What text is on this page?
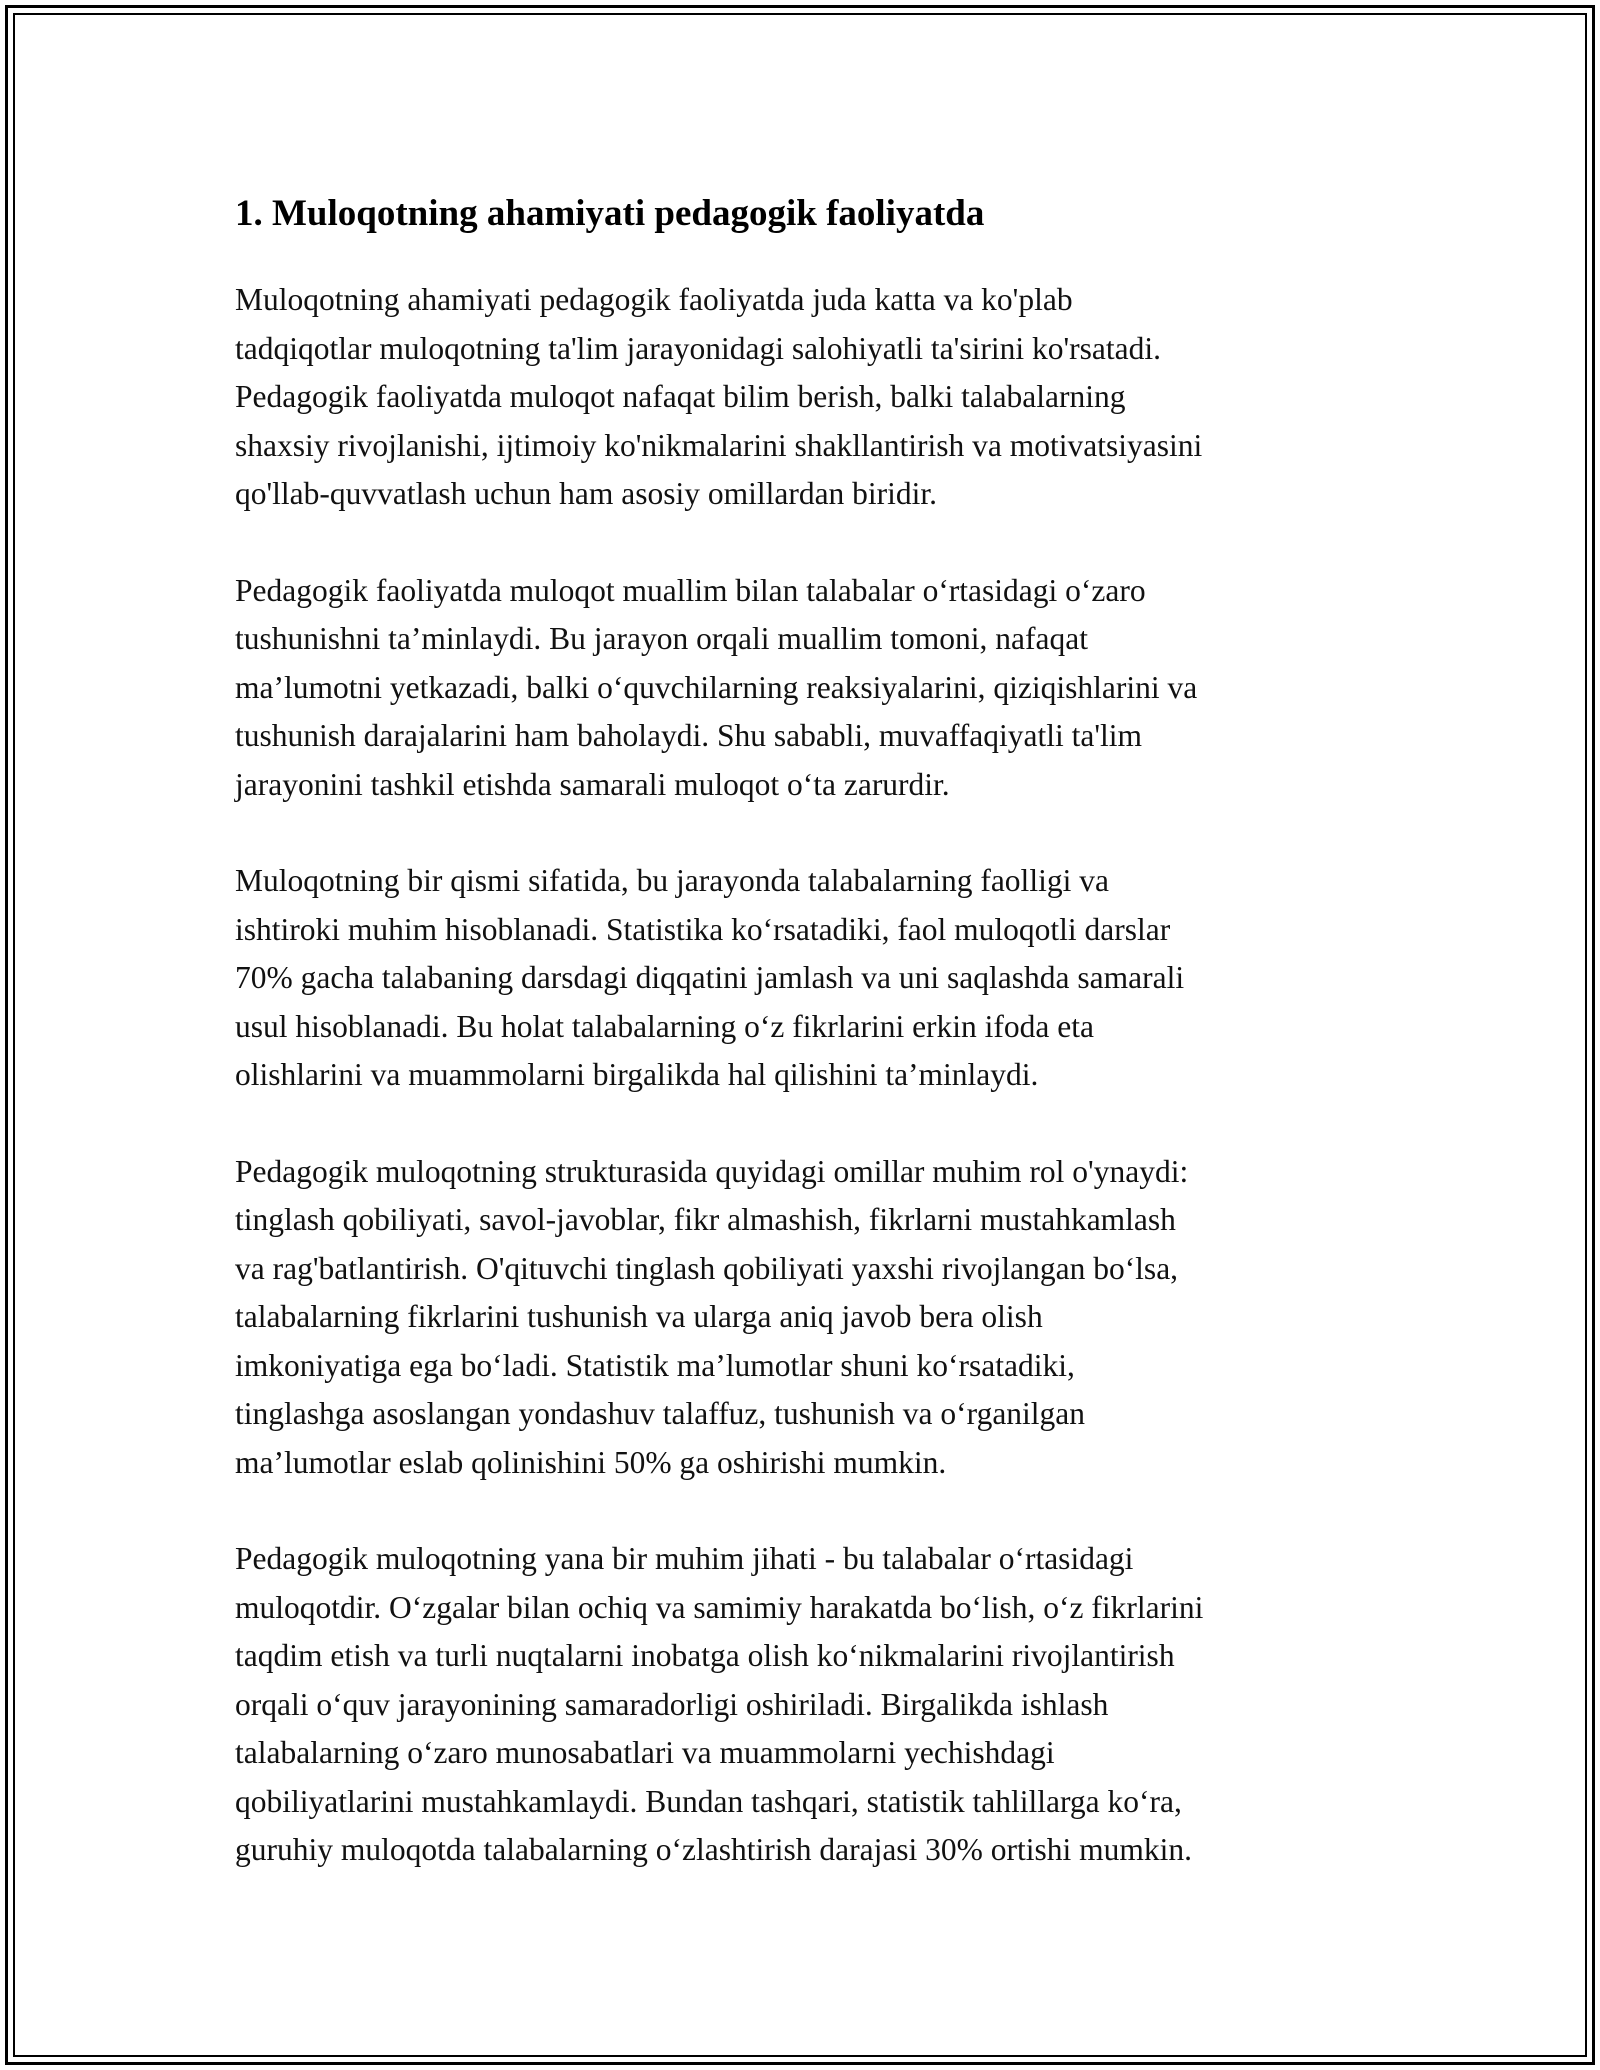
1. Muloqotning ahamiyati pedagogik faoliyatda

Muloqotning ahamiyati pedagogik faoliyatda juda katta va ko'plab
tadqiqotlar muloqotning ta'lim jarayonidagi salohiyatli ta'sirini ko'rsatadi.
Pedagogik faoliyatda muloqot nafaqat bilim berish, balki talabalarning
shaxsiy rivojlanishi, ijtimoiy ko'nikmalarini shakllantirish va motivatsiyasini
qo'llab-quvvatlash uchun ham asosiy omillardan biridir.

Pedagogik faoliyatda muloqot muallim bilan talabalar o‘rtasidagi o‘zaro
tushunishni ta’minlaydi. Bu jarayon orqali muallim tomoni, nafaqat
ma’lumotni yetkazadi, balki o‘quvchilarning reaksiyalarini, qiziqishlarini va
tushunish darajalarini ham baholaydi. Shu sababli, muvaffaqiyatli ta'lim
jarayonini tashkil etishda samarali muloqot o‘ta zarurdir.

Muloqotning bir qismi sifatida, bu jarayonda talabalarning faolligi va
ishtiroki muhim hisoblanadi. Statistika ko‘rsatadiki, faol muloqotli darslar
70% gacha talabaning darsdagi diqqatini jamlash va uni saqlashda samarali
usul hisoblanadi. Bu holat talabalarning o‘z fikrlarini erkin ifoda eta
olishlarini va muammolarni birgalikda hal qilishini ta’minlaydi.

Pedagogik muloqotning strukturasida quyidagi omillar muhim rol o'ynaydi:
tinglash qobiliyati, savol-javoblar, fikr almashish, fikrlarni mustahkamlash
va rag'batlantirish. O'qituvchi tinglash qobiliyati yaxshi rivojlangan bo‘lsa,
talabalarning fikrlarini tushunish va ularga aniq javob bera olish
imkoniyatiga ega bo‘ladi. Statistik ma’lumotlar shuni ko‘rsatadiki,
tinglashga asoslangan yondashuv talaffuz, tushunish va o‘rganilgan
ma’lumotlar eslab qolinishini 50% ga oshirishi mumkin.

Pedagogik muloqotning yana bir muhim jihati - bu talabalar o‘rtasidagi
muloqotdir. O‘zgalar bilan ochiq va samimiy harakatda bo‘lish, o‘z fikrlarini
taqdim etish va turli nuqtalarni inobatga olish ko‘nikmalarini rivojlantirish
orqali o‘quv jarayonining samaradorligi oshiriladi. Birgalikda ishlash
talabalarning o‘zaro munosabatlari va muammolarni yechishdagi
qobiliyatlarini mustahkamlaydi. Bundan tashqari, statistik tahlillarga ko‘ra,
guruhiy muloqotda talabalarning o‘zlashtirish darajasi 30% ortishi mumkin.
